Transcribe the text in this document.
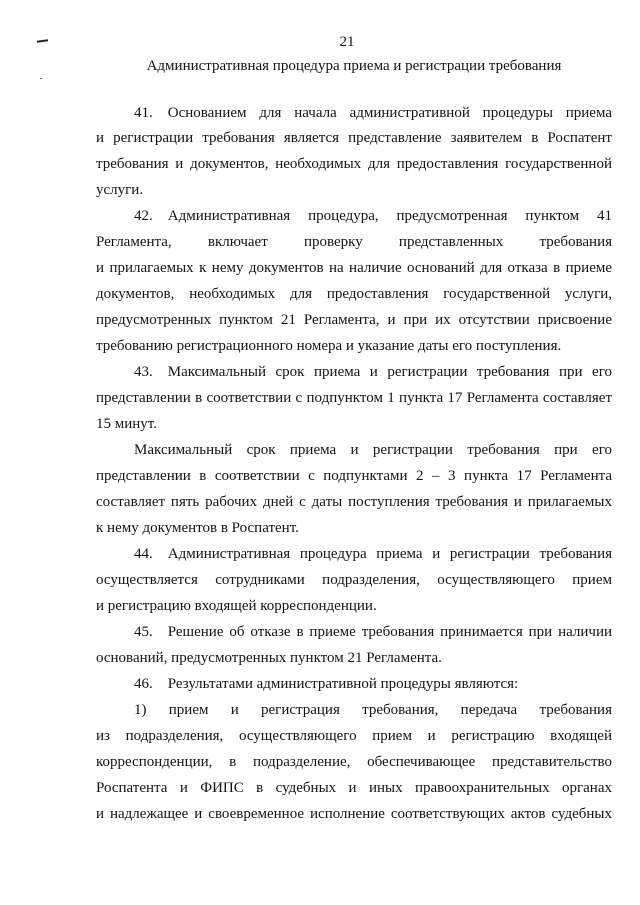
21
Административная процедура приема и регистрации требования
41. Основанием для начала административной процедуры приема
и регистрации требования является представление заявителем в Роспатент
требования и документов, необходимых для предоставления государственной
услуги.
42. Административная процедура, предусмотренная пунктом 41
Регламента, включает проверку представленных требования
и прилагаемых к нему документов на наличие оснований для отказа в приеме
документов, необходимых для предоставления государственной услуги,
предусмотренных пунктом 21 Регламента, и при их отсутствии присвоение
требованию регистрационного номера и указание даты его поступления.
43. Максимальный срок приема и регистрации требования при его
представлении в соответствии с подпунктом 1 пункта 17 Регламента составляет
15 минут.
Максимальный срок приема и регистрации требования при его
представлении в соответствии с подпунктами 2 – 3 пункта 17 Регламента
составляет пять рабочих дней с даты поступления требования и прилагаемых
к нему документов в Роспатент.
44. Административная процедура приема и регистрации требования
осуществляется сотрудниками подразделения, осуществляющего прием
и регистрацию входящей корреспонденции.
45. Решение об отказе в приеме требования принимается при наличии
оснований, предусмотренных пунктом 21 Регламента.
46. Результатами административной процедуры являются:
1) прием и регистрация требования, передача требования
из подразделения, осуществляющего прием и регистрацию входящей
корреспонденции, в подразделение, обеспечивающее представительство
Роспатента и ФИПС в судебных и иных правоохранительных органах
и надлежащее и своевременное исполнение соответствующих актов судебных
